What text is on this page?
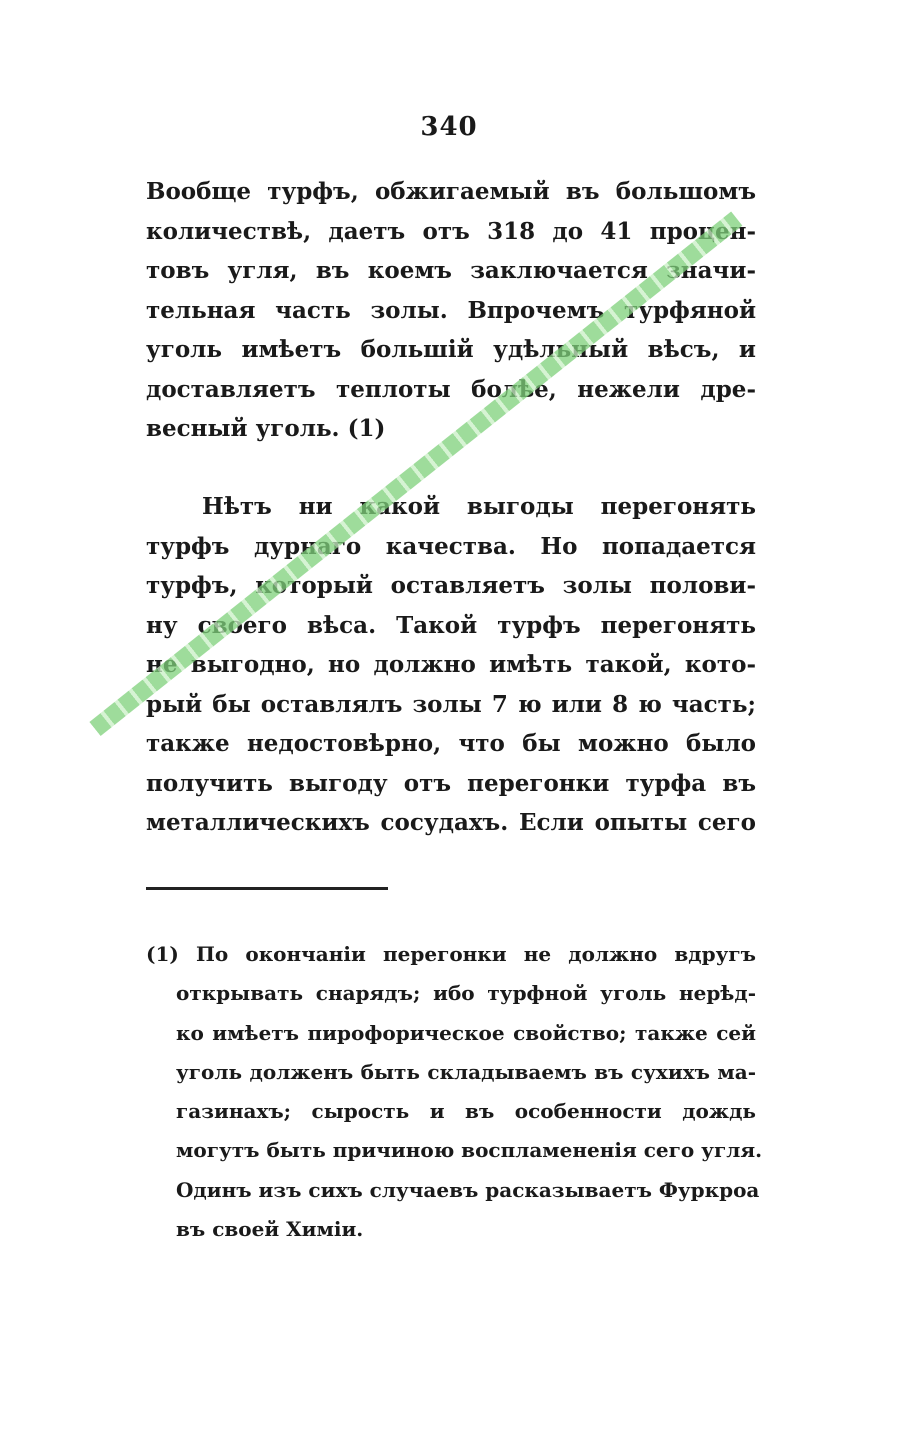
340
Вообще турфъ, обжигаемый въ большомъ
количествѣ, даетъ отъ 318 до 41 процен-
товъ угля, въ коемъ заключается значи-
тельная часть золы. Впрочемъ турфяной
уголь имѣетъ большiй удѣльный вѣсъ, и
доставляетъ теплоты болѣе, нежели дре-
весный уголь. (1)
Нѣтъ ни какой выгоды перегонять
турфъ дурнаго качества. Но попадается
турфъ, который оставляетъ золы полови-
ну своего вѣса. Такой турфъ перегонять
не выгодно, но должно имѣть такой, кото-
рый бы оставлялъ золы 7 ю или 8 ю часть;
также недостовѣрно, что бы можно было
получить выгоду отъ перегонки турфа въ
металлическихъ сосудахъ. Если опыты сего
(1) По окончанiи перегонки не должно вдругъ
открывать снарядъ; ибо турфной уголь нерѣд-
ко имѣетъ пирофорическое свойство; также сей
уголь долженъ быть складываемъ въ сухихъ ма-
газинахъ; сырость и въ особенности дождь
могутъ быть причиною воспламененiя сего угля.
Одинъ изъ сихъ случаевъ расказываетъ Фуркроа
въ своей Химiи.
